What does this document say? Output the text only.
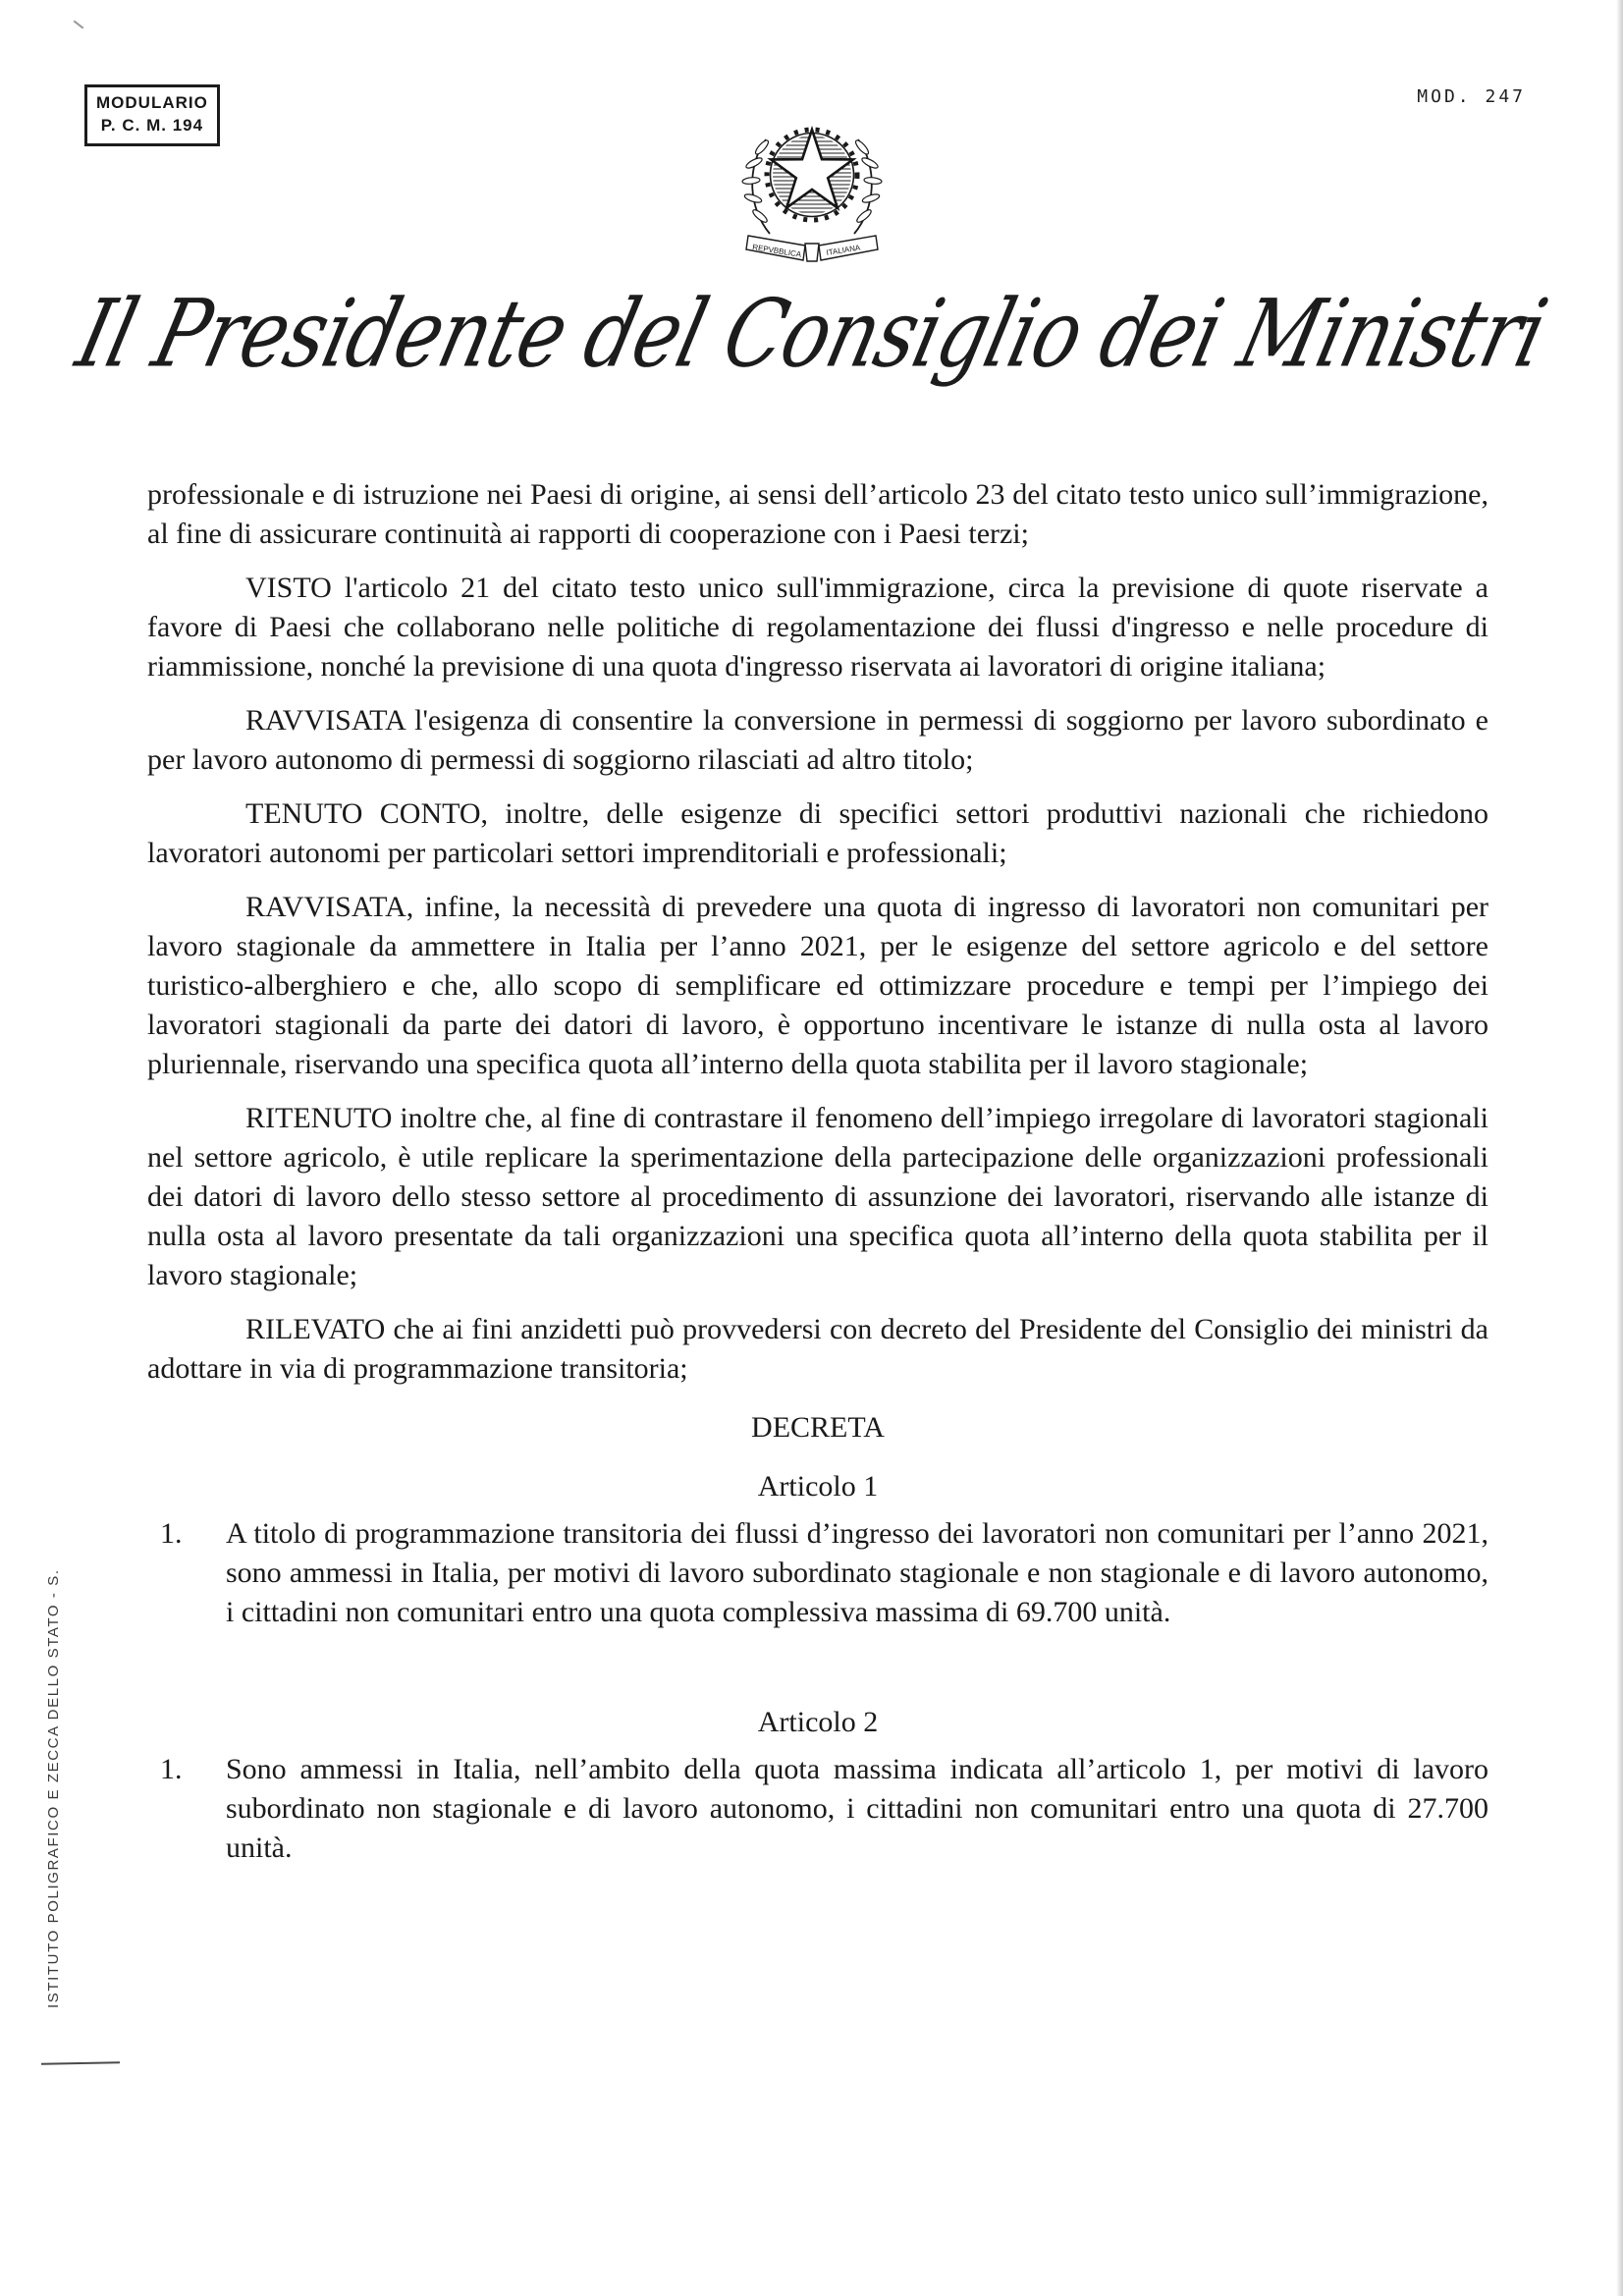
MODULARIO
P. C. M. 194
MOD. 247
REPVBBLICA	ITALIANA
Il Presidente del Consiglio dei Ministri

professionale e di istruzione nei Paesi di origine, ai sensi dell’articolo 23 del citato testo unico sull’immigrazione, al fine di assicurare continuità ai rapporti di cooperazione con i Paesi terzi;

VISTO l'articolo 21 del citato testo unico sull'immigrazione, circa la previsione di quote riservate a favore di Paesi che collaborano nelle politiche di regolamentazione dei flussi d'ingresso e nelle procedure di riammissione, nonché la previsione di una quota d'ingresso riservata ai lavoratori di origine italiana;

RAVVISATA l'esigenza di consentire la conversione in permessi di soggiorno per lavoro subordinato e per lavoro autonomo di permessi di soggiorno rilasciati ad altro titolo;

TENUTO CONTO, inoltre, delle esigenze di specifici settori produttivi nazionali che richiedono lavoratori autonomi per particolari settori imprenditoriali e professionali;

RAVVISATA, infine, la necessità di prevedere una quota di ingresso di lavoratori non comunitari per lavoro stagionale da ammettere in Italia per l’anno 2021, per le esigenze del settore agricolo e del settore turistico-alberghiero e che, allo scopo di semplificare ed ottimizzare procedure e tempi per l’impiego dei lavoratori stagionali da parte dei datori di lavoro, è opportuno incentivare le istanze di nulla osta al lavoro pluriennale, riservando una specifica quota all’interno della quota stabilita per il lavoro stagionale;

RITENUTO inoltre che, al fine di contrastare il fenomeno dell’impiego irregolare di lavoratori stagionali nel settore agricolo, è utile replicare la sperimentazione della partecipazione delle organizzazioni professionali dei datori di lavoro dello stesso settore al procedimento di assunzione dei lavoratori, riservando alle istanze di nulla osta al lavoro presentate da tali organizzazioni una specifica quota all’interno della quota stabilita per il lavoro stagionale;

RILEVATO che ai fini anzidetti può provvedersi con decreto del Presidente del Consiglio dei ministri da adottare in via di programmazione transitoria;

DECRETA
Articolo 1
1.	A titolo di programmazione transitoria dei flussi d’ingresso dei lavoratori non comunitari per l’anno 2021, sono ammessi in Italia, per motivi di lavoro subordinato stagionale e non stagionale e di lavoro autonomo, i cittadini non comunitari entro una quota complessiva massima di 69.700 unità.
Articolo 2
1.	Sono ammessi in Italia, nell’ambito della quota massima indicata all’articolo 1, per motivi di lavoro subordinato non stagionale e di lavoro autonomo, i cittadini non comunitari entro una quota di 27.700 unità.
ISTITUTO POLIGRAFICO E ZECCA DELLO STATO - S.
